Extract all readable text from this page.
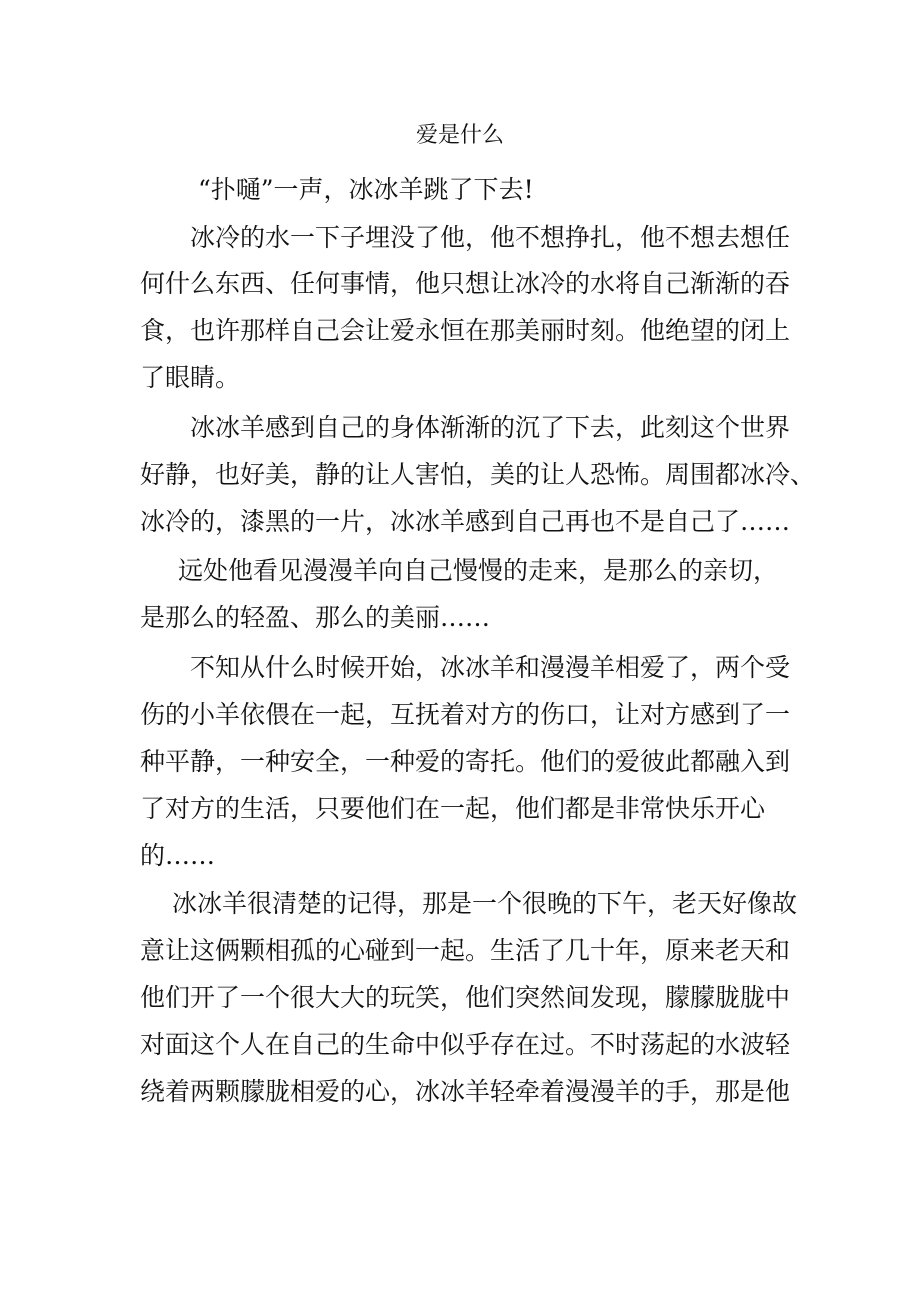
爱是什么
“扑嗵”一声，冰冰羊跳了下去!
冰冷的水一下子埋没了他，他不想挣扎，他不想去想任
何什么东西、任何事情，他只想让冰冷的水将自己渐渐的吞
食，也许那样自己会让爱永恒在那美丽时刻。他绝望的闭上
了眼睛。
冰冰羊感到自己的身体渐渐的沉了下去，此刻这个世界
好静，也好美，静的让人害怕，美的让人恐怖。周围都冰冷、
冰冷的，漆黑的一片，冰冰羊感到自己再也不是自己了……
远处他看见漫漫羊向自己慢慢的走来，是那么的亲切，
是那么的轻盈、那么的美丽……
不知从什么时候开始，冰冰羊和漫漫羊相爱了，两个受
伤的小羊依偎在一起，互抚着对方的伤口，让对方感到了一
种平静，一种安全，一种爱的寄托。他们的爱彼此都融入到
了对方的生活，只要他们在一起，他们都是非常快乐开心
的……
冰冰羊很清楚的记得，那是一个很晚的下午，老天好像故
意让这俩颗相孤的心碰到一起。生活了几十年，原来老天和
他们开了一个很大大的玩笑，他们突然间发现，朦朦胧胧中
对面这个人在自己的生命中似乎存在过。不时荡起的水波轻
绕着两颗朦胧相爱的心，冰冰羊轻牵着漫漫羊的手，那是他
